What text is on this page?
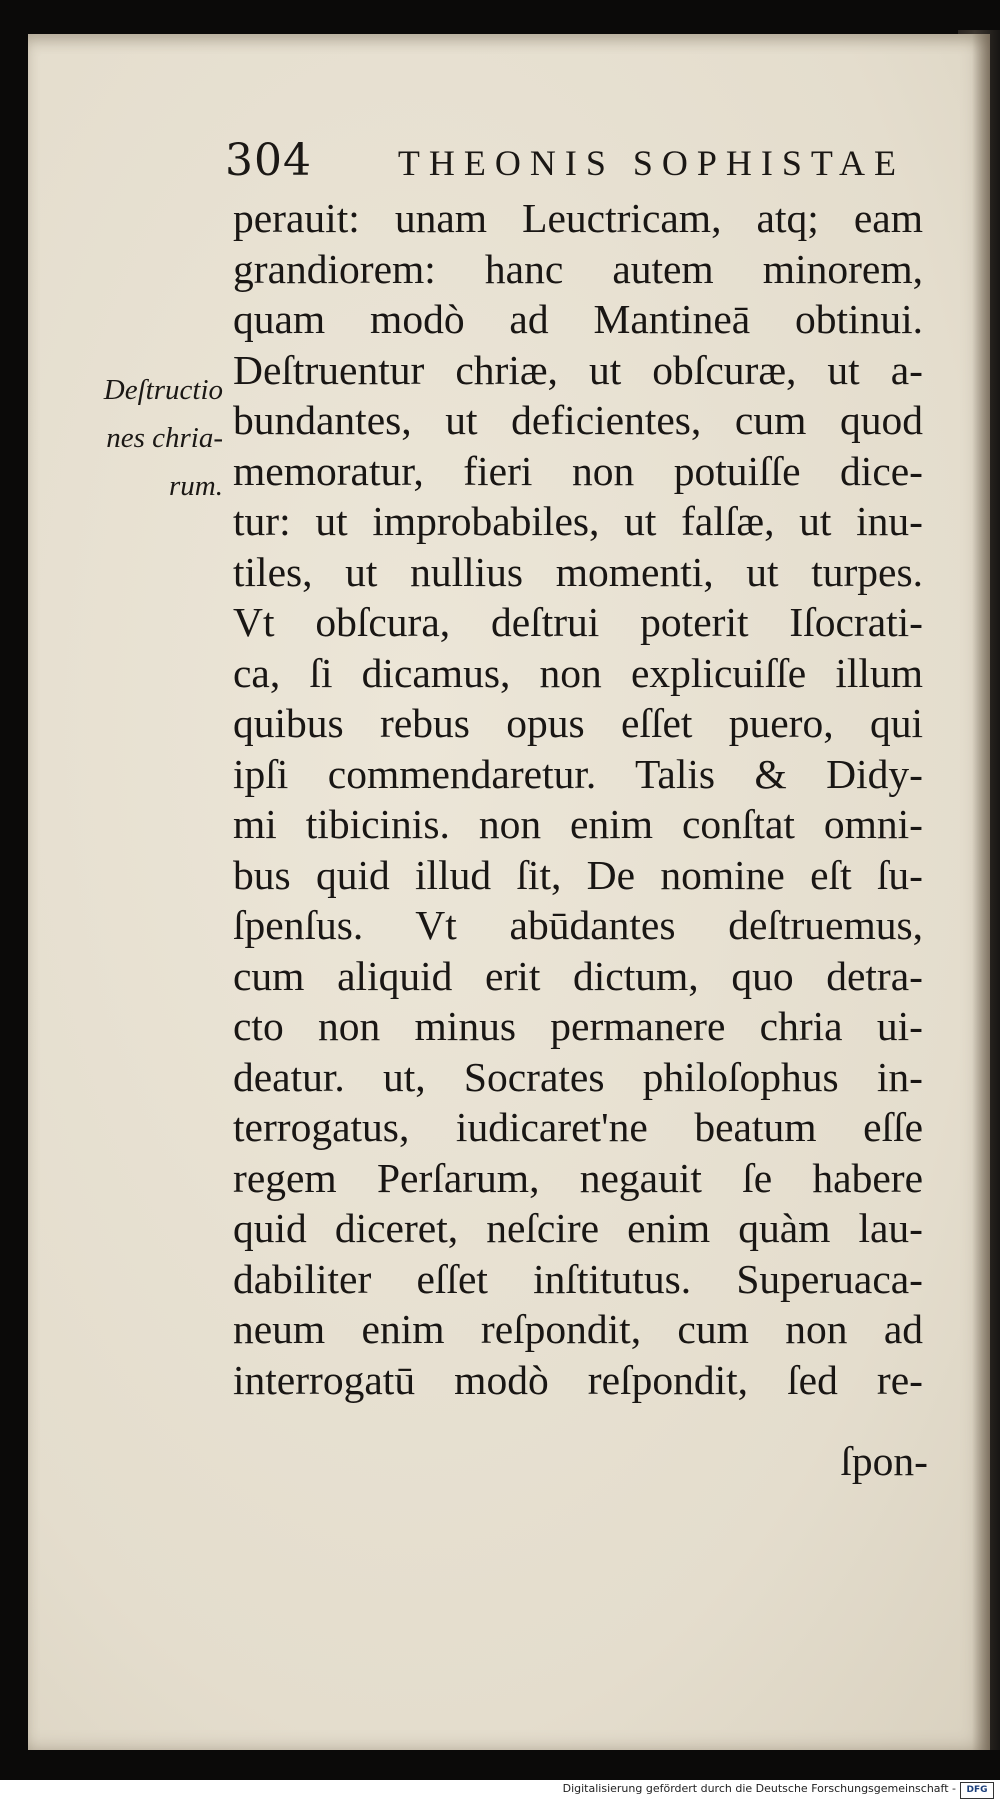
304 THEONIS SOPHISTAE
Deſtructio
nes chria-
rum.
perauit: unam Leuctricam, atq; eam
grandiorem: hanc autem minorem,
quam modò ad Mantineā obtinui.
Deſtruentur chriæ, ut obſcuræ, ut a-
bundantes, ut deficientes, cum quod
memoratur, fieri non potuiſſe dice-
tur: ut improbabiles, ut falſæ, ut inu-
tiles, ut nullius momenti, ut turpes.
Vt obſcura, deſtrui poterit Iſocrati-
ca, ſi dicamus, non explicuiſſe illum
quibus rebus opus eſſet puero, qui
ipſi commendaretur. Talis & Didy-
mi tibicinis. non enim conſtat omni-
bus quid illud ſit, De nomine eſt ſu-
ſpenſus. Vt abūdantes deſtruemus,
cum aliquid erit dictum, quo detra-
cto non minus permanere chria ui-
deatur. ut, Socrates philoſophus in-
terrogatus, iudicaret'ne beatum eſſe
regem Perſarum, negauit ſe habere
quid diceret, neſcire enim quàm lau-
dabiliter eſſet inſtitutus. Superuaca-
neum enim reſpondit, cum non ad
interrogatū modò reſpondit, ſed re-
ſpon-
Digitalisierung gefördert durch die Deutsche Forschungsgemeinschaft -	DFG
